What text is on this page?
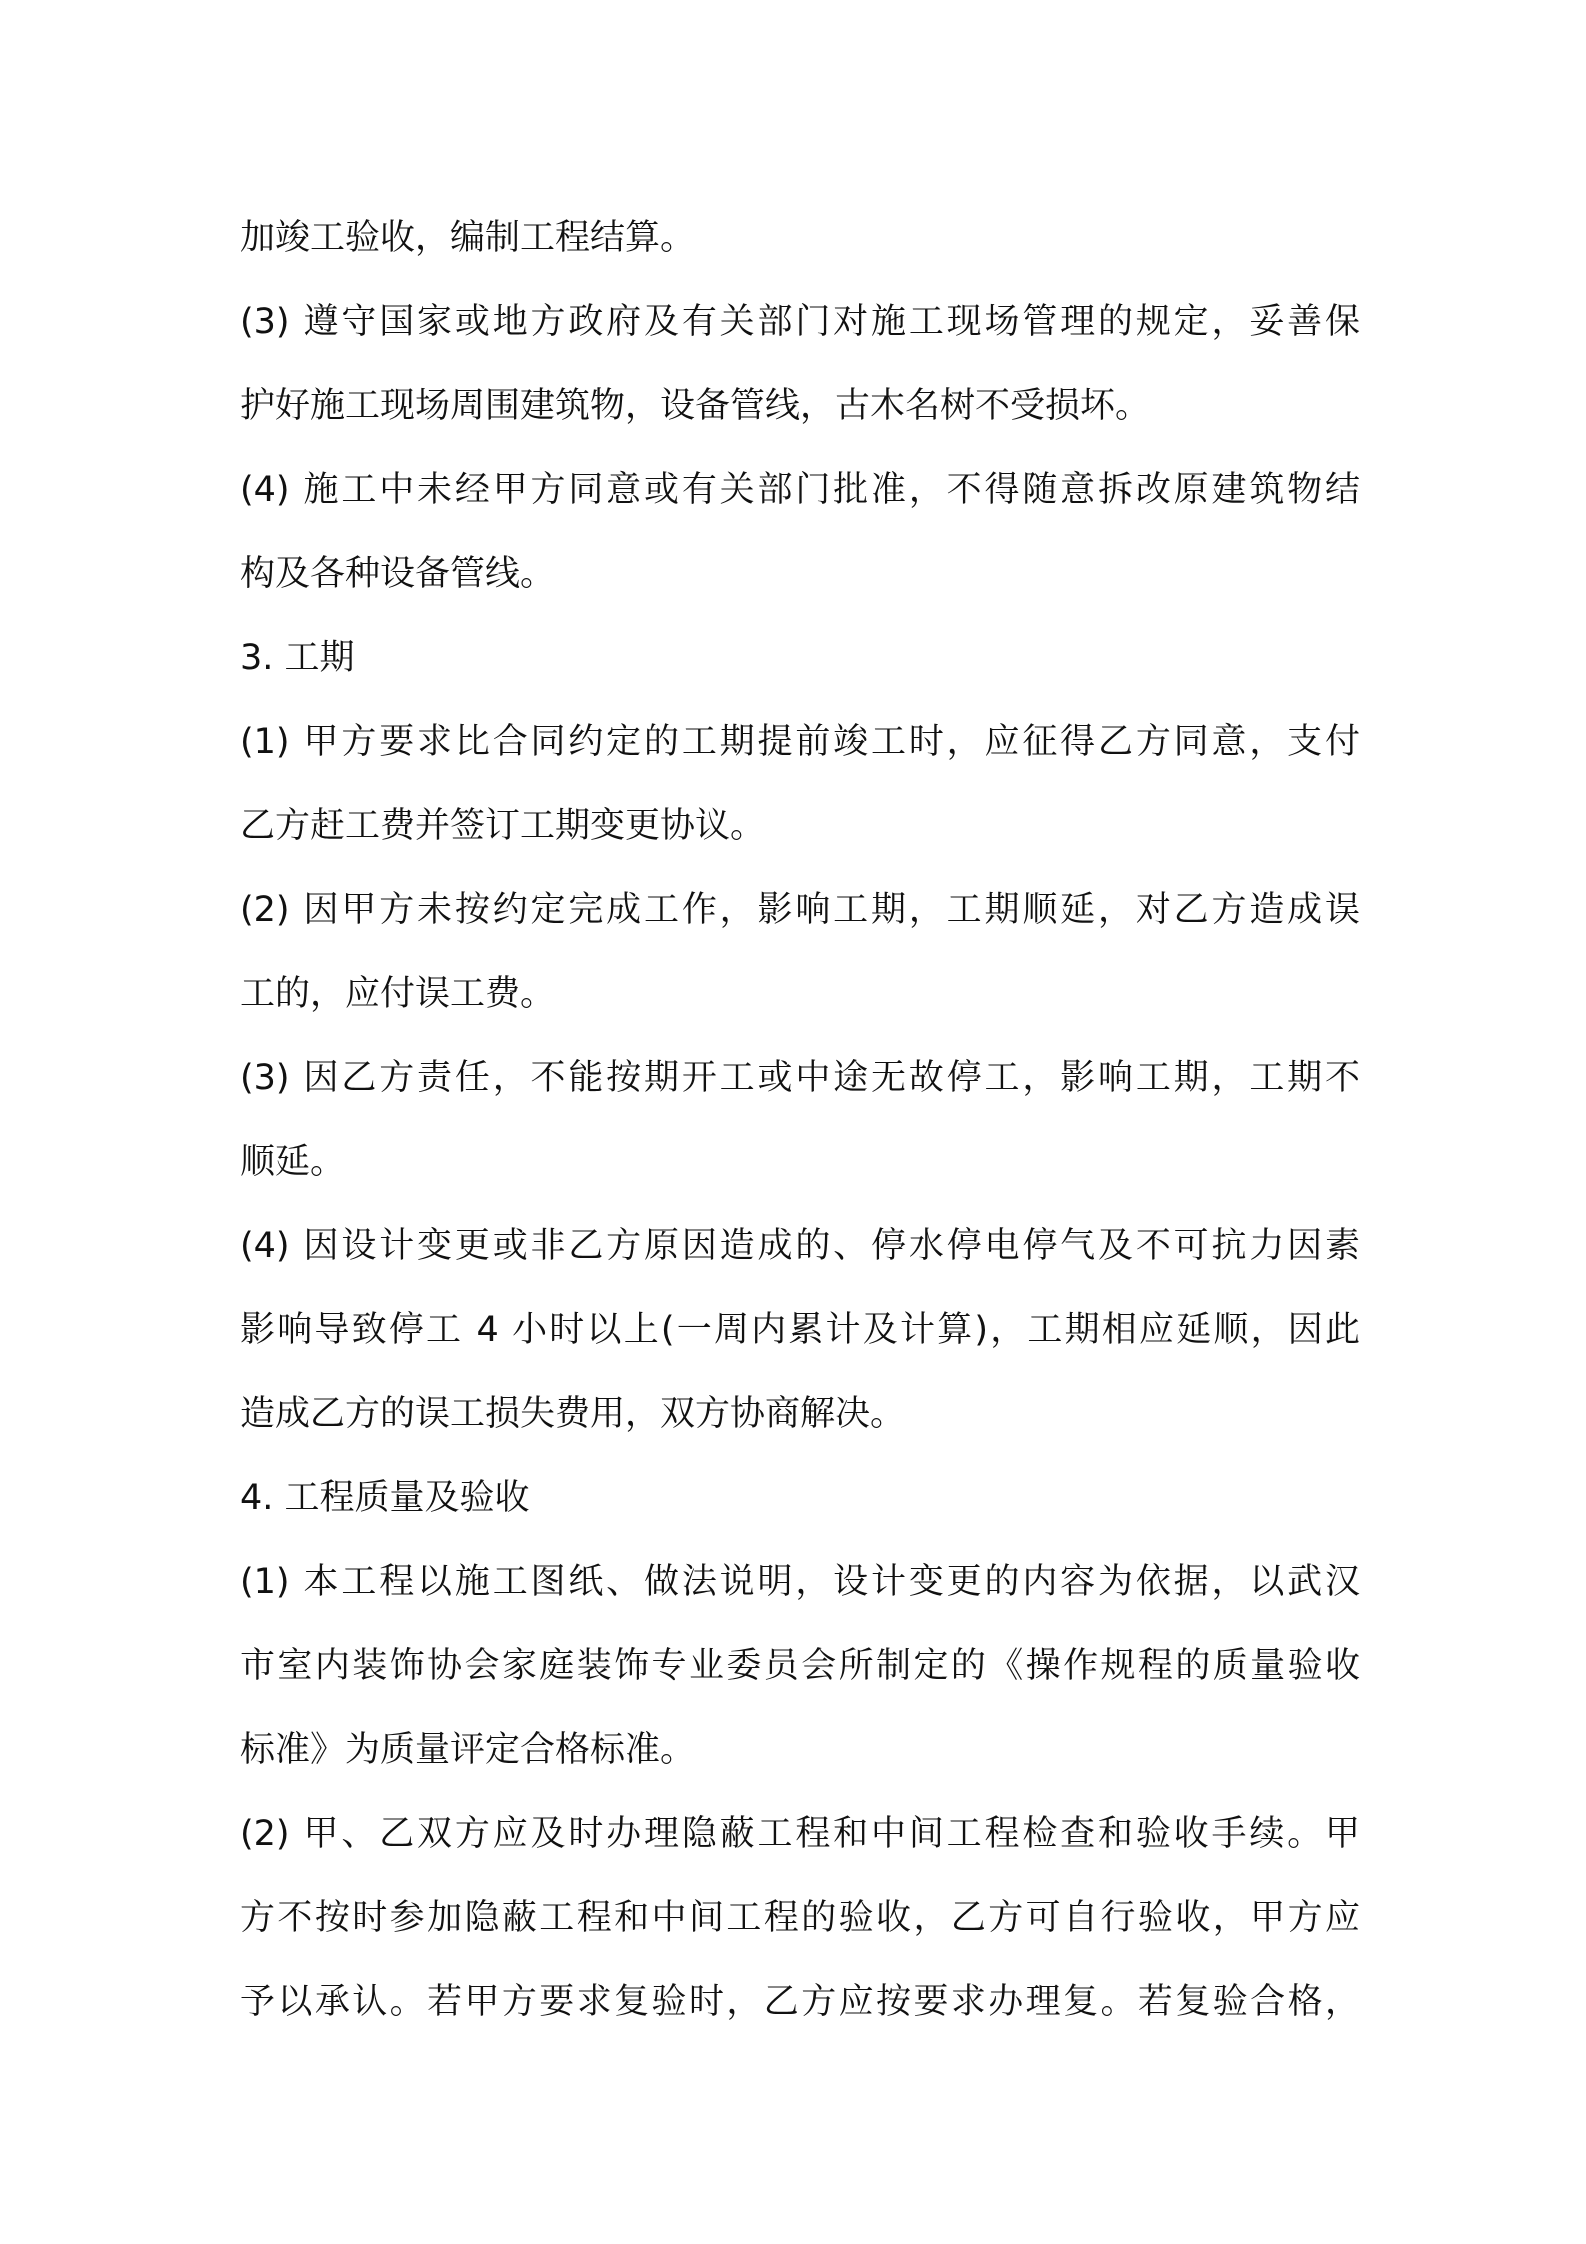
加竣工验收，编制工程结算。
(3) 遵守国家或地方政府及有关部门对施工现场管理的规定，妥善保
护好施工现场周围建筑物，设备管线，古木名树不受损坏。
(4) 施工中未经甲方同意或有关部门批准，不得随意拆改原建筑物结
构及各种设备管线。
3. 工期
(1) 甲方要求比合同约定的工期提前竣工时，应征得乙方同意，支付
乙方赶工费并签订工期变更协议。
(2) 因甲方未按约定完成工作，影响工期，工期顺延，对乙方造成误
工的，应付误工费。
(3) 因乙方责任，不能按期开工或中途无故停工，影响工期，工期不
顺延。
(4) 因设计变更或非乙方原因造成的、停水停电停气及不可抗力因素
影响导致停工 4 小时以上(一周内累计及计算)，工期相应延顺，因此
造成乙方的误工损失费用，双方协商解决。
4. 工程质量及验收
(1) 本工程以施工图纸、做法说明，设计变更的内容为依据，以武汉
市室内装饰协会家庭装饰专业委员会所制定的《操作规程的质量验收
标准》为质量评定合格标准。
(2) 甲、乙双方应及时办理隐蔽工程和中间工程检查和验收手续。甲
方不按时参加隐蔽工程和中间工程的验收，乙方可自行验收，甲方应
予以承认。若甲方要求复验时，乙方应按要求办理复。若复验合格，
